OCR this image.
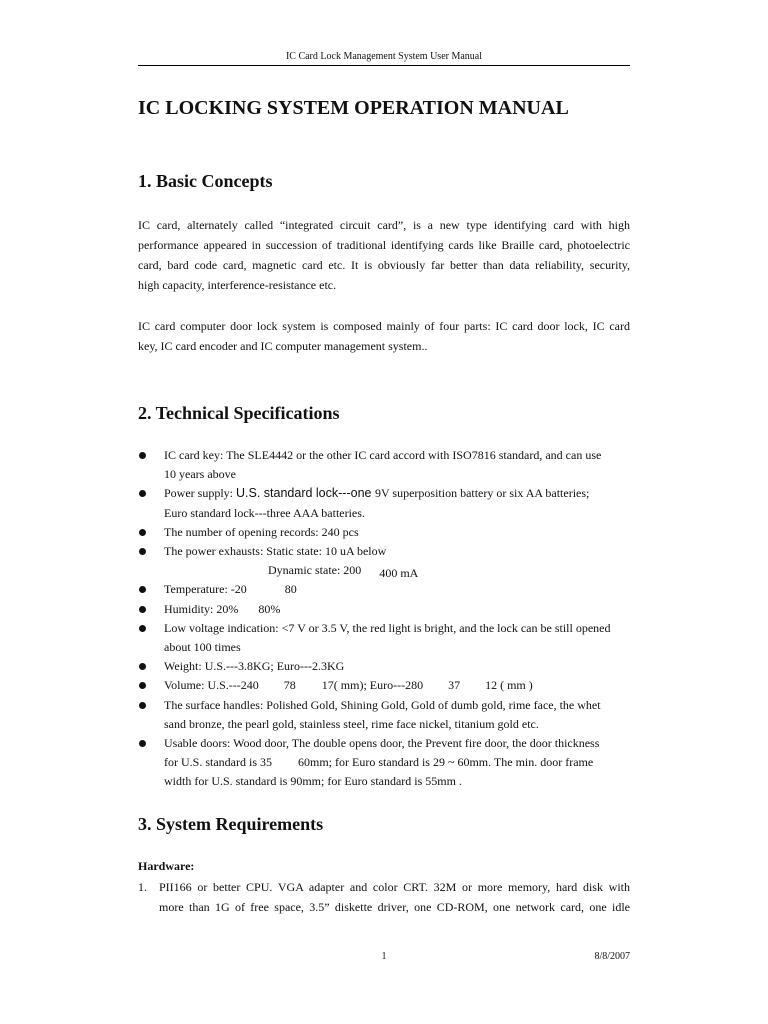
IC Card Lock Management System User Manual
IC LOCKING SYSTEM OPERATION MANUAL
1. Basic Concepts
IC card, alternately called “integrated circuit card”, is a new type identifying card with high
performance appeared in succession of traditional identifying cards like Braille card, photoelectric
card, bard code card, magnetic card etc. It is obviously far better than data reliability, security,
high capacity, interference-resistance etc.
IC card computer door lock system is composed mainly of four parts: IC card door lock, IC card
key, IC card encoder and IC computer management system..
2. Technical Specifications
IC card key: The SLE4442 or the other IC card accord with ISO7816 standard, and can use
10 years above
Power supply: U.S. standard lock---one 9V superposition battery or six AA batteries;
Euro standard lock---three AAA batteries.
The number of opening records: 240 pcs
The power exhausts: Static state: 10 uA below
Dynamic state: 200 400 mA
Temperature: -20	80
Humidity: 20% 80%
Low voltage indication: <7 V or 3.5 V, the red light is bright, and the lock can be still opened
about 100 times
Weight: U.S.---3.8KG; Euro---2.3KG
Volume: U.S.---240 78 17( mm); Euro---280 37 12 ( mm )
The surface handles: Polished Gold, Shining Gold, Gold of dumb gold, rime face, the whet
sand bronze, the pearl gold, stainless steel, rime face nickel, titanium gold etc.
Usable doors: Wood door, The double opens door, the Prevent fire door, the door thickness
for U.S. standard is 35 60mm; for Euro standard is 29 ~ 60mm. The min. door frame
width for U.S. standard is 90mm; for Euro standard is 55mm .
3. System Requirements
Hardware:
1. PII166 or better CPU. VGA adapter and color CRT. 32M or more memory, hard disk with
more than 1G of free space, 3.5” diskette driver, one CD-ROM, one network card, one idle
1	8/8/2007
